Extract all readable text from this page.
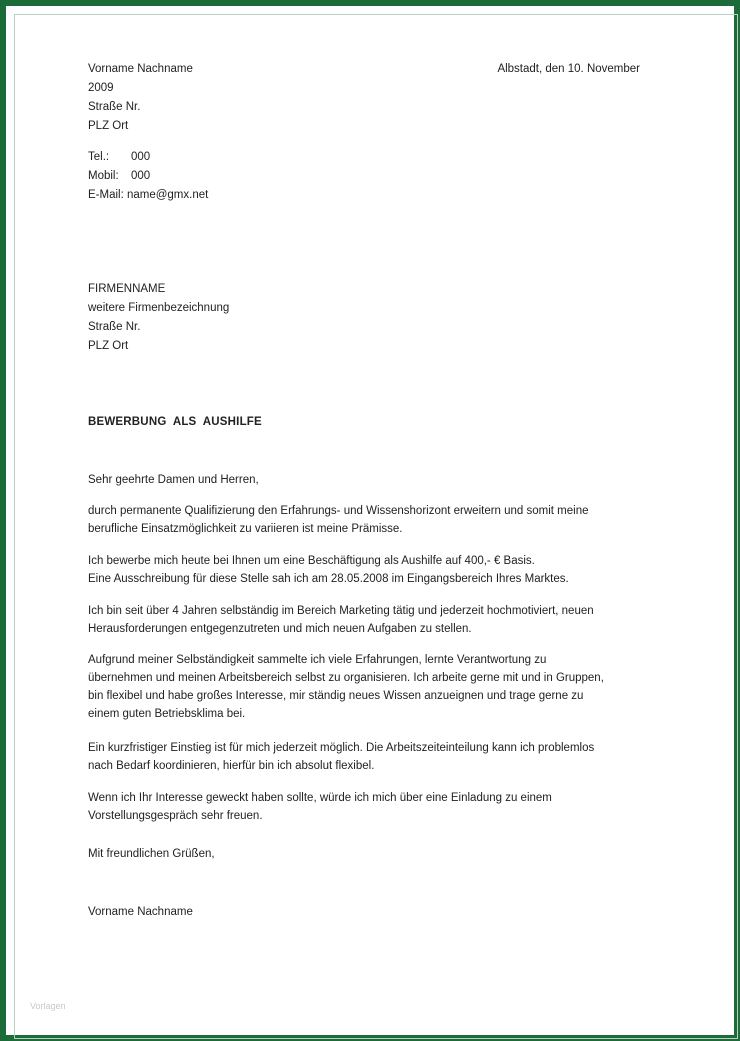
Vorname Nachname
2009
Straße Nr.
PLZ Ort
Albstadt, den 10. November
Tel.:	000
Mobil:	000
E-Mail: name@gmx.net
FIRMENNAME
weitere Firmenbezeichnung
Straße Nr.
PLZ Ort
BEWERBUNG  ALS  AUSHILFE
Sehr geehrte Damen und Herren,

durch permanente Qualifizierung den Erfahrungs- und Wissenshorizont erweitern und somit meine
berufliche Einsatzmöglichkeit zu variieren ist meine Prämisse.

Ich bewerbe mich heute bei Ihnen um eine Beschäftigung als Aushilfe auf 400,- € Basis.
Eine Ausschreibung für diese Stelle sah ich am 28.05.2008 im Eingangsbereich Ihres Marktes.

Ich bin seit über 4 Jahren selbständig im Bereich Marketing tätig und jederzeit hochmotiviert, neuen
Herausforderungen entgegenzutreten und mich neuen Aufgaben zu stellen.

Aufgrund meiner Selbständigkeit sammelte ich viele Erfahrungen, lernte Verantwortung zu
übernehmen und meinen Arbeitsbereich selbst zu organisieren. Ich arbeite gerne mit und in Gruppen,
bin flexibel und habe großes Interesse, mir ständig neues Wissen anzueignen und trage gerne zu
einem guten Betriebsklima bei.

Ein kurzfristiger Einstieg ist für mich jederzeit möglich. Die Arbeitszeiteinteilung kann ich problemlos
nach Bedarf koordinieren, hierfür bin ich absolut flexibel.

Wenn ich Ihr Interesse geweckt haben sollte, würde ich mich über eine Einladung zu einem
Vorstellungsgespräch sehr freuen.

Mit freundlichen Grüßen,
Vorname Nachname
Vorlagen
